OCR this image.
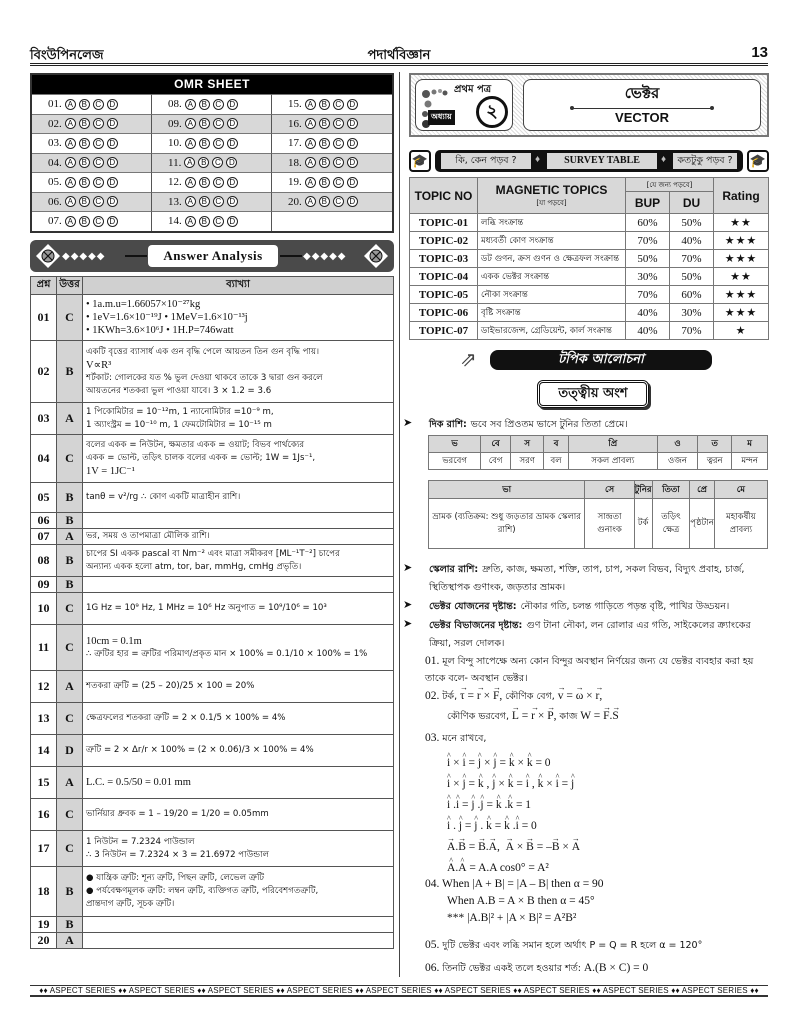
বিংউপিনলেজ	পদার্থবিজ্ঞান	13
OMR SHEET
01. A B C D	08. A B C D	15. A B C D
02. A B C D	09. A B C D	16. A B C D
03. A B C D	10. A B C D	17. A B C D
04. A B C D	11. A B C D	18. A B C D
05. A B C D	12. A B C D	19. A B C D
06. A B C D	13. A B C D	20. A B C D
07. A B C D	14. A B C D
◆◆◆◆◆	Answer Analysis	◆◆◆◆◆
প্রশ্ন	উত্তর	ব্যাখ্যা
01	C	• 1a.m.u=1.66057×10⁻²⁷kg
• 1eV=1.6×10⁻¹⁹J • 1MeV=1.6×10⁻¹³j
• 1KWh=3.6×10⁶J • 1H.P=746watt

02	B	একটি বৃত্তের ব্যাসার্ধ এক গুন বৃদ্ধি পেলে আয়তন তিন গুন বৃদ্ধি পায়।
V∝R³
শর্টকাট: গোলকের যত % ভুল দেওয়া থাকবে তাকে 3 দ্বারা গুন করলে
আয়তনের শতকরা ভুল পাওয়া যাবে। 3 × 1.2 = 3.6

03	A	1 পিকোমিটার = 10⁻¹²m, 1 ন্যানোমিটার =10⁻⁹ m,
1 অ্যাংস্ট্রম = 10⁻¹⁰ m, 1 ফেমটোমিটার = 10⁻¹⁵ m

04	C	বলের একক = নিউটন, ক্ষমতার একক = ওয়াট; বিভব পার্থক্যের
একক = ভোল্ট, তড়িৎ চালক বলের একক = ভোল্ট; 1W = 1Js⁻¹,
1V = 1JC⁻¹

05	B	tanθ = v²/rg ∴ কোণ একটি মাত্রাহীন রাশি।

06	B	
07	A	ভর, সময় ও তাপমাত্রা মৌলিক রাশি।

08	B	চাপের SI একক pascal বা Nm⁻² এবং মাত্রা সমীকরণ [ML⁻¹T⁻²] চাপের
অন্যান্য একক হলো atm, tor, bar, mmHg, cmHg প্রভৃতি।

09	B	
10	C	1G Hz = 10⁹ Hz, 1 MHz = 10⁶ Hz অনুপাত = 10⁹/10⁶ = 10³

11	C	10cm = 0.1m
∴ ত্রুটির হার = ত্রুটির পরিমাণ/প্রকৃত মান × 100% = 0.1/10 × 100% = 1%

12	A	শতকরা ত্রুটি = (25 – 20)/25 × 100 = 20%

13	C	ক্ষেত্রফলের শতকরা ত্রুটি = 2 × 0.1/5 × 100% = 4%

14	D	ত্রুটি = 2 × Δr/r × 100% = (2 × 0.06)/3 × 100% = 4%

15	A	L.C. = 0.5/50 = 0.01 mm

16	C	ভার্নিয়ার ধ্রুবক = 1 – 19/20 = 1/20 = 0.05mm

17	C	1 নিউটন = 7.2324 পাউন্ডাল
∴ 3 নিউটন = 7.2324 × 3 = 21.6972 পাউন্ডাল

18	B	● যান্ত্রিক ত্রুটি: শূন্য ত্রুটি, পিছন ত্রুটি, লেভেল ত্রুটি
● পর্যবেক্ষণমূলক ত্রুটি: লম্বন ত্রুটি, ব্যক্তিগত ত্রুটি, পরিবেশগতত্রুটি,
প্রান্তদাগ ত্রুটি, সূচক ত্রুটি।

19	B	
20	A	
প্রথম পত্র
অধ্যায়	২
ভেক্টর
VECTOR
🎓	কি, কেন পড়ব ?	♦	SURVEY TABLE	♦	কতটুকু পড়ব ?	🎓
TOPIC NO	MAGNETIC TOPICS
[যা পড়বে]	[যে জন্য পড়বে]		Rating
		BUP	DU	
TOPIC-01	লব্ধি সংক্রান্ত	60%	50%	★★
TOPIC-02	মধ্যবর্তী কোণ সংক্রান্ত	70%	40%	★★★
TOPIC-03	ডট গুণন, ক্রস গুণন ও ক্ষেত্রফল সংক্রান্ত	50%	70%	★★★
TOPIC-04	একক ভেক্টর সংক্রান্ত	30%	50%	★★
TOPIC-05	নৌকা সংক্রান্ত	70%	60%	★★★
TOPIC-06	বৃষ্টি সংক্রান্ত	40%	30%	★★★
TOPIC-07	ডাইভারজেন্স, গ্রেডিয়েন্ট, কার্ল সংক্রান্ত	40%	70%	★
⇗	টপিক আলোচনা
তত্ত্বীয় অংশ
➤ দিক রাশি: ভবে সব প্রিওতম ভাসে টুনির তিতা প্রেমে।
ভ	বে	স	ব	প্রি	ও	ত	ম
ভরবেগ	বেগ	সরণ	বল	সকল প্রাবল্য	ওজন	ত্বরন	মন্দন
ভা	সে	টুনির	তিতা	প্রে	মে
ভ্রামক (ব্যতিক্রম: শুধু জড়তার ভ্রামক স্কেলার রাশি)	সান্দ্রতা গুনাংক	টর্ক	তড়িৎ ক্ষেত্র	পৃষ্ঠটান	মহাকর্ষীয় প্রাবল্য
➤ স্কেলার রাশি: দ্রুতি, কাজ, ক্ষমতা, শক্তি, তাপ, চাপ, সকল বিভব, বিদ্যুৎ প্রবাহ, চার্জ, স্থিতিস্থাপক গুণাংক, জড়তার ভ্রামক।
➤ ভেক্টর যোজনের দৃষ্টান্ত: নৌকার গতি, চলন্ত গাড়িতে পড়ন্ত বৃষ্টি, পাখির উড্ডয়ন।
➤ ভেক্টর বিভাজনের দৃষ্টান্ত: গুণ টানা নৌকা, লন রোলার এর গতি, সাইকেলের ক্র্যাংকের ক্রিয়া, সরল দোলক।
01. মূল বিন্দু সাপেক্ষে অন্য কোন বিন্দুর অবস্থান নির্ণয়ের জন্য যে ভেক্টর ব্যবহার করা হয় তাকে বলে- অবস্থান ভেক্টর।
02. টর্ক, → τ = → r × → F, কৌণিক বেগ, → v = → ω × → r,
কৌণিক ভরবেগ, → L = → r × → P, কাজ W = → F.→ S
03. মনে রাখবে,
^ i × ^ i = ^ j × ^ j = ^ k × ^ k = 0
^ i × ^ j = ^ k , ^ j × ^ k = ^ i , ^ k × ^ i = ^ j
^ i .^ i = ^ j .^ j = ^ k .^ k = 1
^ i . ^ j = ^ j . ^ k = ^ k .^ i = 0
→ A.→ B = → B.→ A,  → A × → B = –→ B × → A
^ A.^ A = A.A cos0° = A²
04. When |A + B| = |A – B| then α = 90
When A.B = A × B then α = 45°
*** |A.B|² + |A × B|² = A²B²
05. দুটি ভেক্টর এবং লব্ধি সমান হলে অর্থাৎ P = Q = R হলে α = 120°
06. তিনটি ভেক্টর একই তলে হওয়ার শর্ত: A.(B × C) = 0
♦♦ ASPECT SERIES ♦♦ ASPECT SERIES ♦♦ ASPECT SERIES ♦♦ ASPECT SERIES ♦♦ ASPECT SERIES ♦♦ ASPECT SERIES ♦♦ ASPECT SERIES ♦♦ ASPECT SERIES ♦♦ ASPECT SERIES ♦♦
